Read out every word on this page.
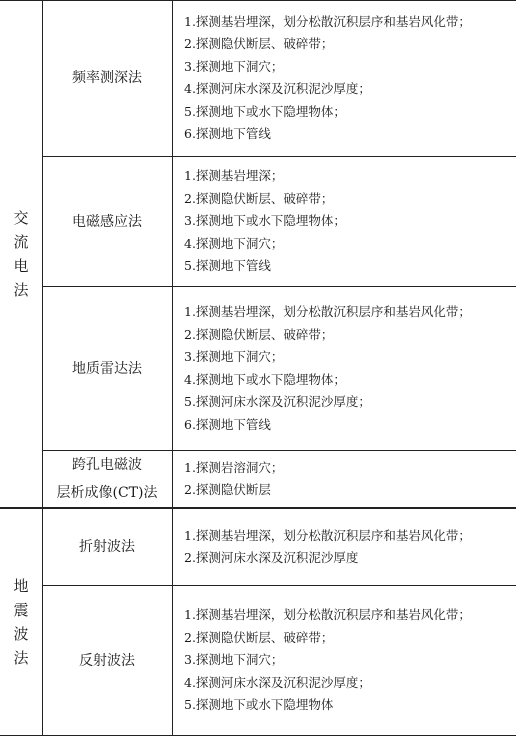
交
流
电
法
地
震
波
法
频率测深法
1.探测基岩埋深，划分松散沉积层序和基岩风化带；
2.探测隐伏断层、破碎带；
3.探测地下洞穴；
4.探测河床水深及沉积泥沙厚度；
5.探测地下或水下隐埋物体；
6.探测地下管线
电磁感应法
1.探测基岩埋深；
2.探测隐伏断层、破碎带；
3.探测地下或水下隐埋物体；
4.探测地下洞穴；
5.探测地下管线
地质雷达法
1.探测基岩埋深，划分松散沉积层序和基岩风化带；
2.探测隐伏断层、破碎带；
3.探测地下洞穴；
4.探测地下或水下隐埋物体；
5.探测河床水深及沉积泥沙厚度；
6.探测地下管线
跨孔电磁波
层析成像(CT)法
1.探测岩溶洞穴；
2.探测隐伏断层
折射波法
1.探测基岩埋深，划分松散沉积层序和基岩风化带；
2.探测河床水深及沉积泥沙厚度
反射波法
1.探测基岩埋深，划分松散沉积层序和基岩风化带；
2.探测隐伏断层、破碎带；
3.探测地下洞穴；
4.探测河床水深及沉积泥沙厚度；
5.探测地下或水下隐埋物体
